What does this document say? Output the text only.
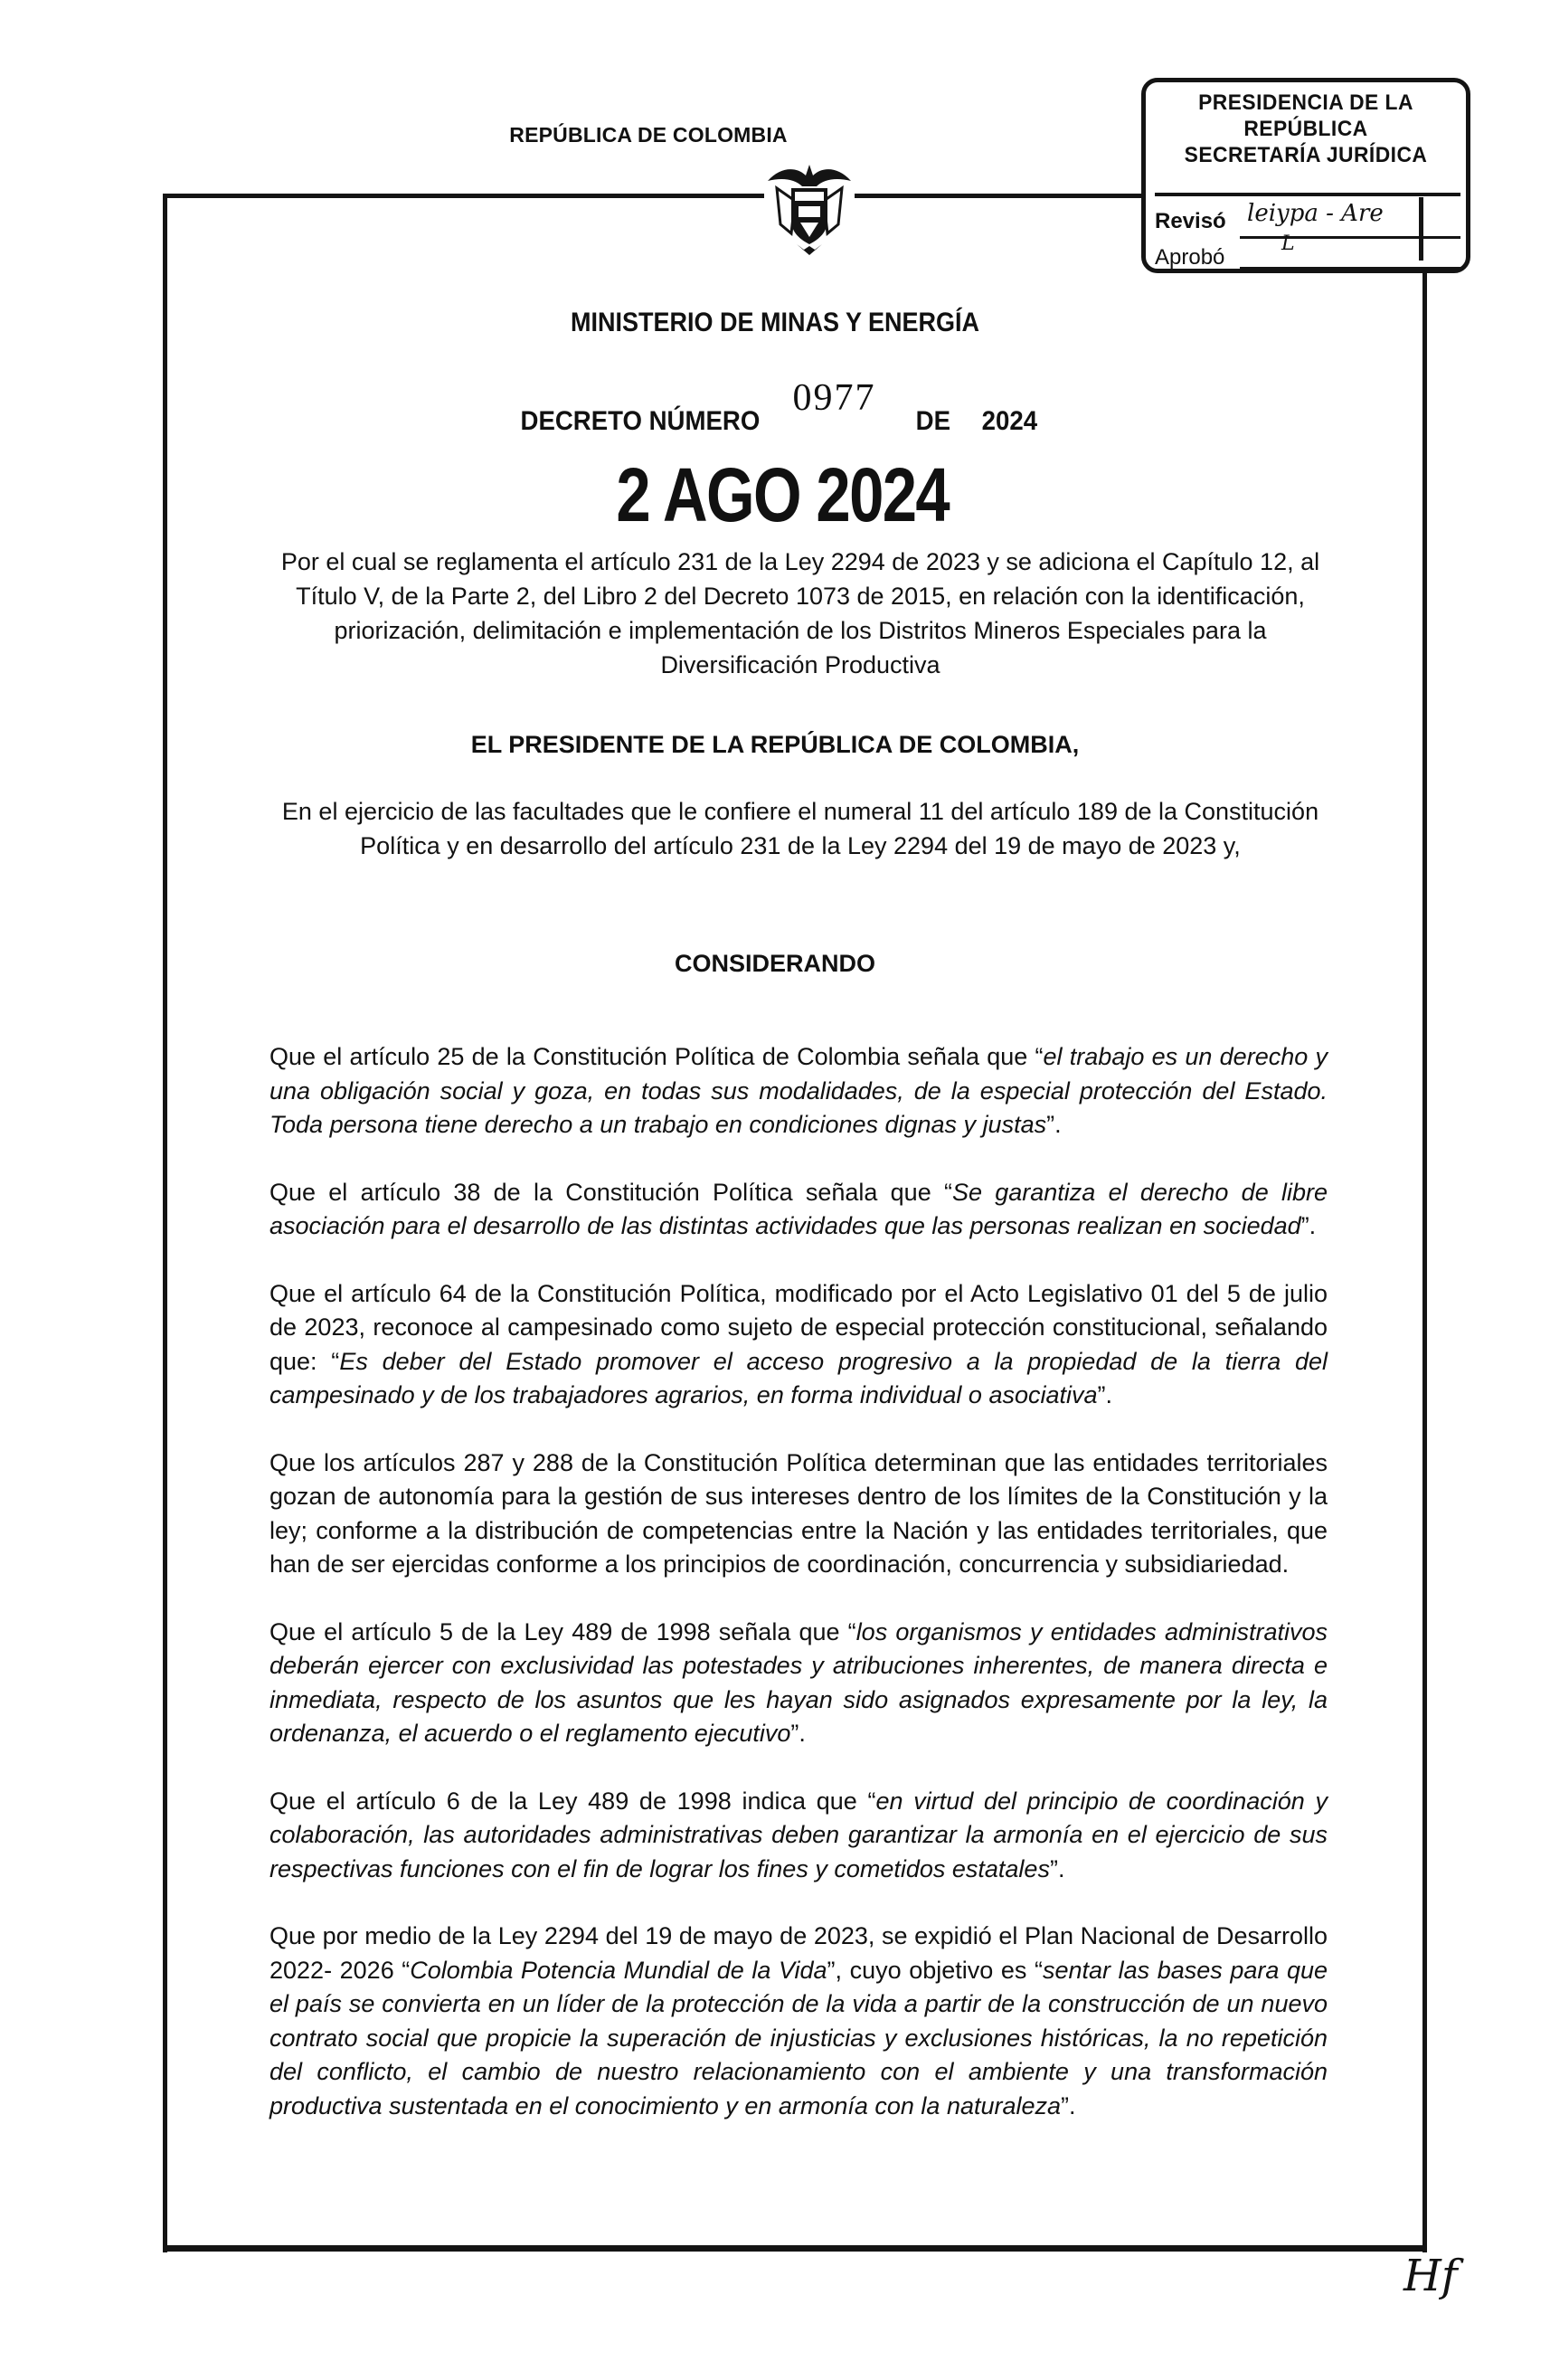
REPÚBLICA DE COLOMBIA
MINISTERIO DE MINAS Y ENERGÍA
DECRETO NÚMERO 0977 DE 2024
2 AGO 2024
PRESIDENCIA DE LA REPÚBLICA
SECRETARÍA JURÍDICA
Revisó leiypa - Are
L
Aprobó
Por el cual se reglamenta el artículo 231 de la Ley 2294 de 2023 y se adiciona el Capítulo 12, al Título V, de la Parte 2, del Libro 2 del Decreto 1073 de 2015, en relación con la identificación, priorización, delimitación e implementación de los Distritos Mineros Especiales para la Diversificación Productiva
EL PRESIDENTE DE LA REPÚBLICA DE COLOMBIA,
En el ejercicio de las facultades que le confiere el numeral 11 del artículo 189 de la Constitución Política y en desarrollo del artículo 231 de la Ley 2294 del 19 de mayo de 2023 y,
CONSIDERANDO

Que el artículo 25 de la Constitución Política de Colombia señala que “el trabajo es un derecho y una obligación social y goza, en todas sus modalidades, de la especial protección del Estado. Toda persona tiene derecho a un trabajo en condiciones dignas y justas”.

Que el artículo 38 de la Constitución Política señala que “Se garantiza el derecho de libre asociación para el desarrollo de las distintas actividades que las personas realizan en sociedad”.

Que el artículo 64 de la Constitución Política, modificado por el Acto Legislativo 01 del 5 de julio de 2023, reconoce al campesinado como sujeto de especial protección constitucional, señalando que: “Es deber del Estado promover el acceso progresivo a la propiedad de la tierra del campesinado y de los trabajadores agrarios, en forma individual o asociativa”.

Que los artículos 287 y 288 de la Constitución Política determinan que las entidades territoriales gozan de autonomía para la gestión de sus intereses dentro de los límites de la Constitución y la ley; conforme a la distribución de competencias entre la Nación y las entidades territoriales, que han de ser ejercidas conforme a los principios de coordinación, concurrencia y subsidiariedad.

Que el artículo 5 de la Ley 489 de 1998 señala que “los organismos y entidades administrativos deberán ejercer con exclusividad las potestades y atribuciones inherentes, de manera directa e inmediata, respecto de los asuntos que les hayan sido asignados expresamente por la ley, la ordenanza, el acuerdo o el reglamento ejecutivo”.

Que el artículo 6 de la Ley 489 de 1998 indica que “en virtud del principio de coordinación y colaboración, las autoridades administrativas deben garantizar la armonía en el ejercicio de sus respectivas funciones con el fin de lograr los fines y cometidos estatales”.

Que por medio de la Ley 2294 del 19 de mayo de 2023, se expidió el Plan Nacional de Desarrollo 2022- 2026 “Colombia Potencia Mundial de la Vida”, cuyo objetivo es “sentar las bases para que el país se convierta en un líder de la protección de la vida a partir de la construcción de un nuevo contrato social que propicie la superación de injusticias y exclusiones históricas, la no repetición del conflicto, el cambio de nuestro relacionamiento con el ambiente y una transformación productiva sustentada en el conocimiento y en armonía con la naturaleza”.

Hf
